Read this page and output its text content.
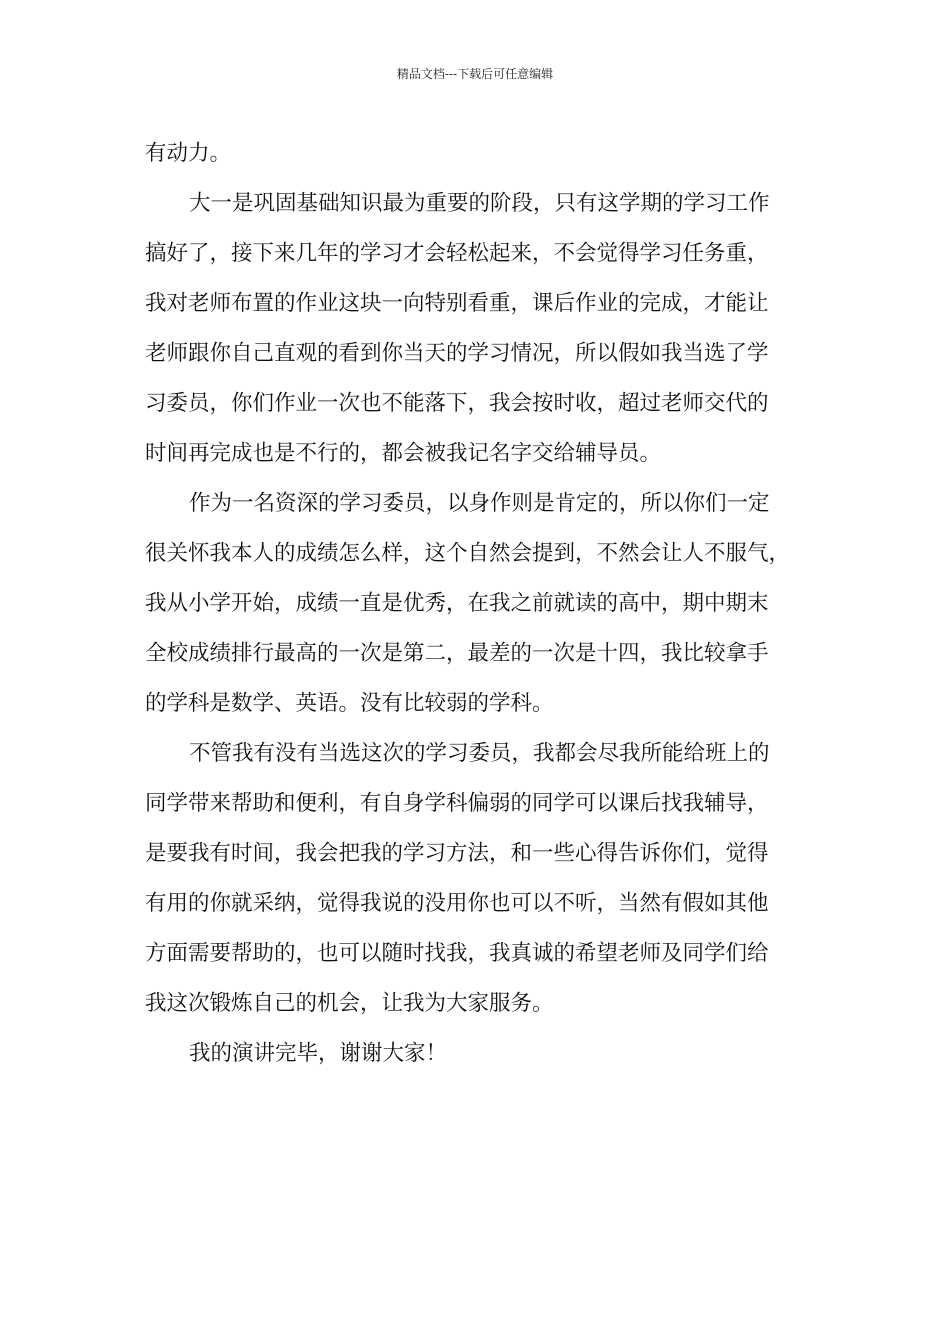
精品文档---下载后可任意编辑
有动力。
大一是巩固基础知识最为重要的阶段，只有这学期的学习工作
搞好了，接下来几年的学习才会轻松起来，不会觉得学习任务重，
我对老师布置的作业这块一向特别看重，课后作业的完成，才能让
老师跟你自己直观的看到你当天的学习情况，所以假如我当选了学
习委员，你们作业一次也不能落下，我会按时收，超过老师交代的
时间再完成也是不行的，都会被我记名字交给辅导员。
作为一名资深的学习委员，以身作则是肯定的，所以你们一定
很关怀我本人的成绩怎么样，这个自然会提到，不然会让人不服气，
我从小学开始，成绩一直是优秀，在我之前就读的高中，期中期末
全校成绩排行最高的一次是第二，最差的一次是十四，我比较拿手
的学科是数学、英语。没有比较弱的学科。
不管我有没有当选这次的学习委员，我都会尽我所能给班上的
同学带来帮助和便利，有自身学科偏弱的同学可以课后找我辅导，
是要我有时间，我会把我的学习方法，和一些心得告诉你们，觉得
有用的你就采纳，觉得我说的没用你也可以不听，当然有假如其他
方面需要帮助的，也可以随时找我，我真诚的希望老师及同学们给
我这次锻炼自己的机会，让我为大家服务。
我的演讲完毕，谢谢大家！
